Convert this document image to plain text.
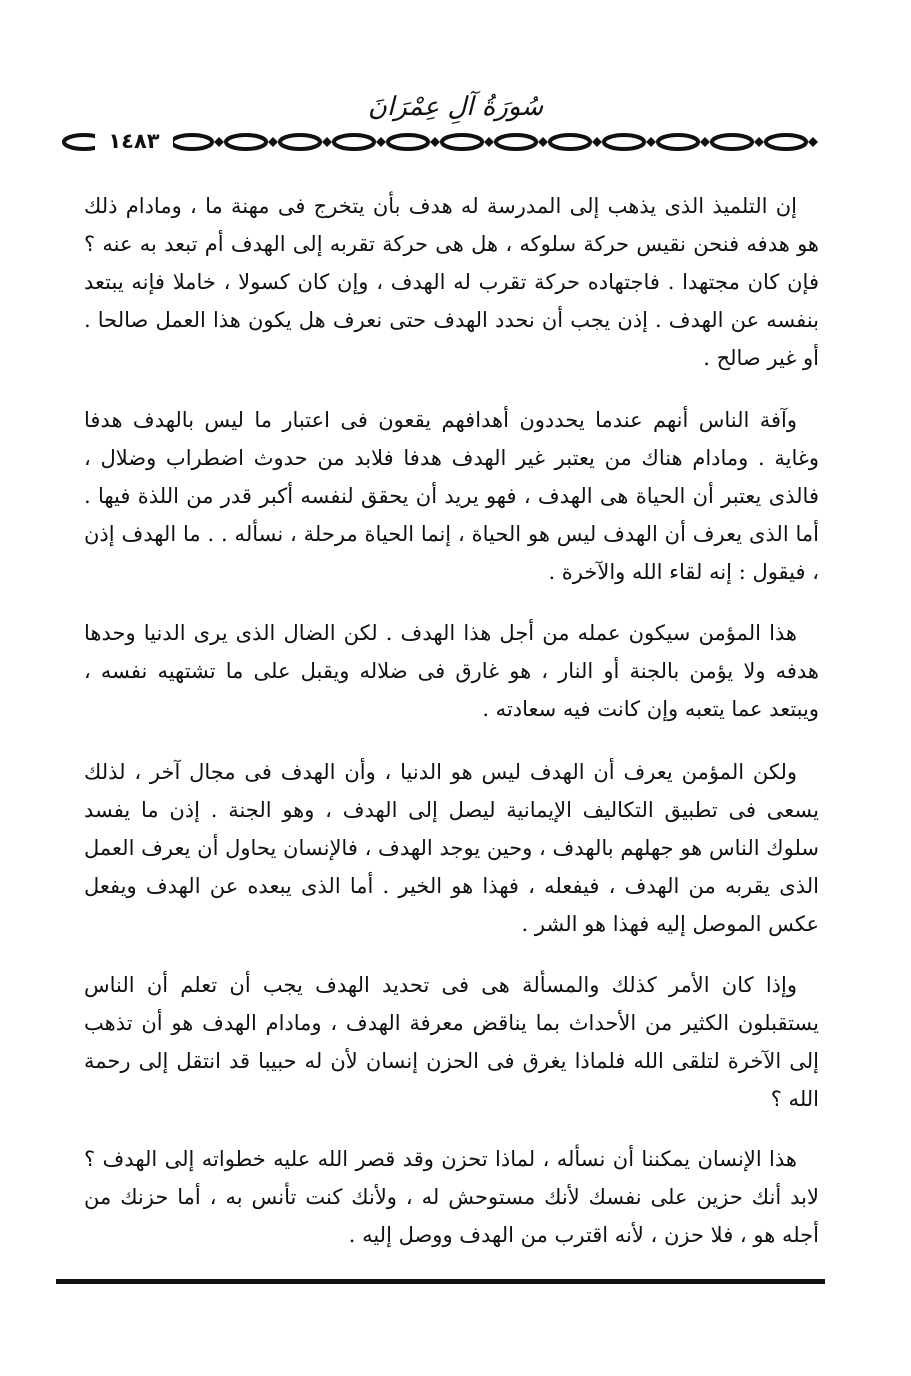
سُورَةُ آلِ عِمْرَانَ
١٤٨٣

إن التلميذ الذى يذهب إلى المدرسة له هدف بأن يتخرج فى مهنة ما ، ومادام ذلك هو هدفه فنحن نقيس حركة سلوكه ، هل هى حركة تقربه إلى الهدف أم تبعد به عنه ؟ فإن كان مجتهدا . فاجتهاده حركة تقرب له الهدف ، وإن كان كسولا ، خاملا فإنه يبتعد بنفسه عن الهدف . إذن يجب أن نحدد الهدف حتى نعرف هل يكون هذا العمل صالحا . أو غير صالح .

وآفة الناس أنهم عندما يحددون أهدافهم يقعون فى اعتبار ما ليس بالهدف هدفا وغاية . ومادام هناك من يعتبر غير الهدف هدفا فلابد من حدوث اضطراب وضلال ، فالذى يعتبر أن الحياة هى الهدف ، فهو يريد أن يحقق لنفسه أكبر قدر من اللذة فيها . أما الذى يعرف أن الهدف ليس هو الحياة ، إنما الحياة مرحلة ، نسأله . . ما الهدف إذن ، فيقول : إنه لقاء الله والآخرة .

هذا المؤمن سيكون عمله من أجل هذا الهدف . لكن الضال الذى يرى الدنيا وحدها هدفه ولا يؤمن بالجنة أو النار ، هو غارق فى ضلاله ويقبل على ما تشتهيه نفسه ، ويبتعد عما يتعبه وإن كانت فيه سعادته .

ولكن المؤمن يعرف أن الهدف ليس هو الدنيا ، وأن الهدف فى مجال آخر ، لذلك يسعى فى تطبيق التكاليف الإيمانية ليصل إلى الهدف ، وهو الجنة . إذن ما يفسد سلوك الناس هو جهلهم بالهدف ، وحين يوجد الهدف ، فالإنسان يحاول أن يعرف العمل الذى يقربه من الهدف ، فيفعله ، فهذا هو الخير . أما الذى يبعده عن الهدف ويفعل عكس الموصل إليه فهذا هو الشر .

وإذا كان الأمر كذلك والمسألة هى فى تحديد الهدف يجب أن تعلم أن الناس يستقبلون الكثير من الأحداث بما يناقض معرفة الهدف ، ومادام الهدف هو أن تذهب إلى الآخرة لتلقى الله فلماذا يغرق فى الحزن إنسان لأن له حبيبا قد انتقل إلى رحمة الله ؟

هذا الإنسان يمكننا أن نسأله ، لماذا تحزن وقد قصر الله عليه خطواته إلى الهدف ؟ لابد أنك حزين على نفسك لأنك مستوحش له ، ولأنك كنت تأنس به ، أما حزنك من أجله هو ، فلا حزن ، لأنه اقترب من الهدف ووصل إليه .
